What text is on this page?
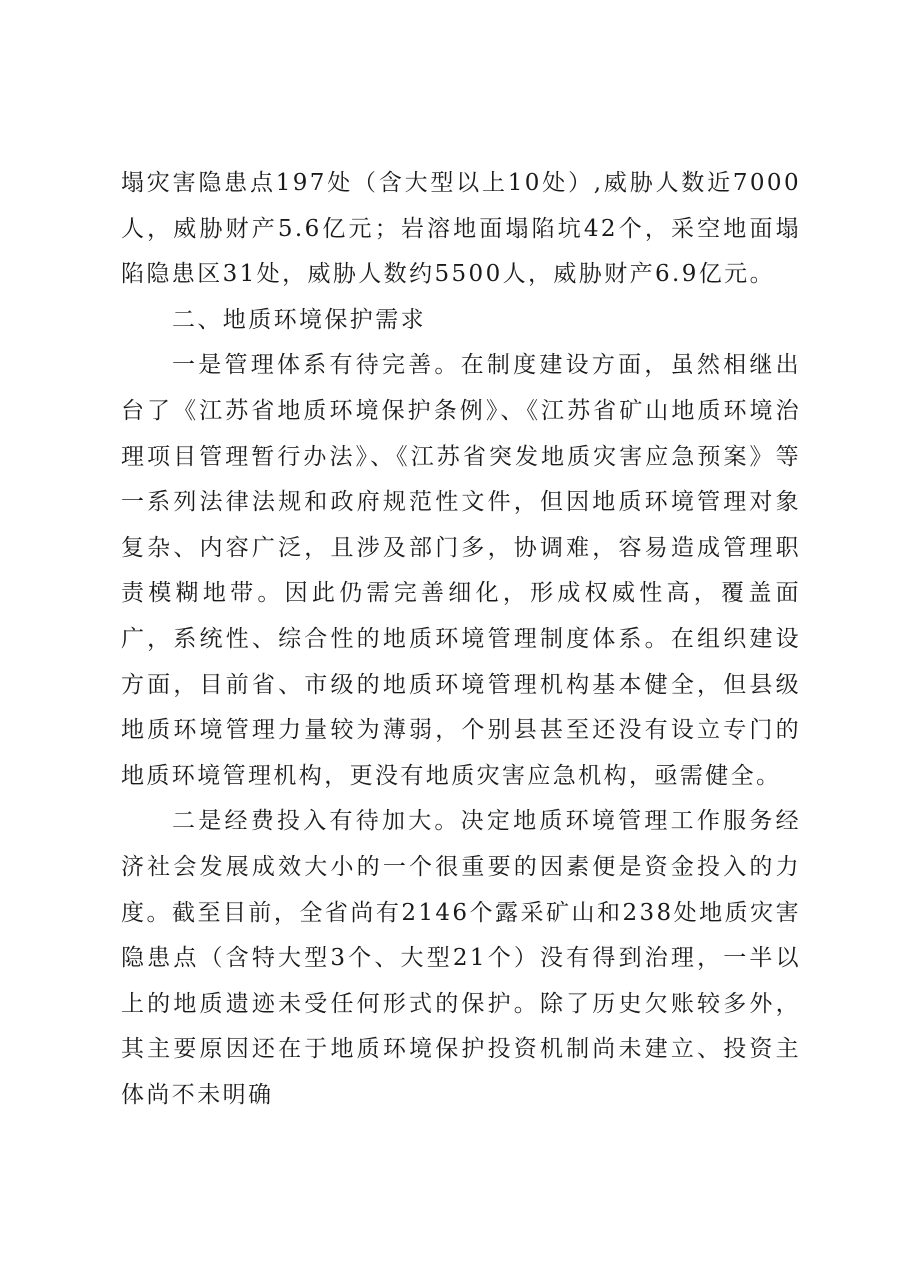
塌灾害隐患点197处（含大型以上10处）,威胁人数近7000人，威胁财产5.6亿元；岩溶地面塌陷坑42个，采空地面塌陷隐患区31处，威胁人数约5500人，威胁财产6.9亿元。

二、地质环境保护需求

一是管理体系有待完善。在制度建设方面，虽然相继出台了《江苏省地质环境保护条例》、《江苏省矿山地质环境治理项目管理暂行办法》、《江苏省突发地质灾害应急预案》等一系列法律法规和政府规范性文件，但因地质环境管理对象复杂、内容广泛，且涉及部门多，协调难，容易造成管理职责模糊地带。因此仍需完善细化，形成权威性高，覆盖面广，系统性、综合性的地质环境管理制度体系。在组织建设方面，目前省、市级的地质环境管理机构基本健全，但县级地质环境管理力量较为薄弱，个别县甚至还没有设立专门的地质环境管理机构，更没有地质灾害应急机构，亟需健全。

二是经费投入有待加大。决定地质环境管理工作服务经济社会发展成效大小的一个很重要的因素便是资金投入的力度。截至目前，全省尚有2146个露采矿山和238处地质灾害隐患点（含特大型3个、大型21个）没有得到治理，一半以上的地质遗迹未受任何形式的保护。除了历史欠账较多外，其主要原因还在于地质环境保护投资机制尚未建立、投资主体尚不未明确
